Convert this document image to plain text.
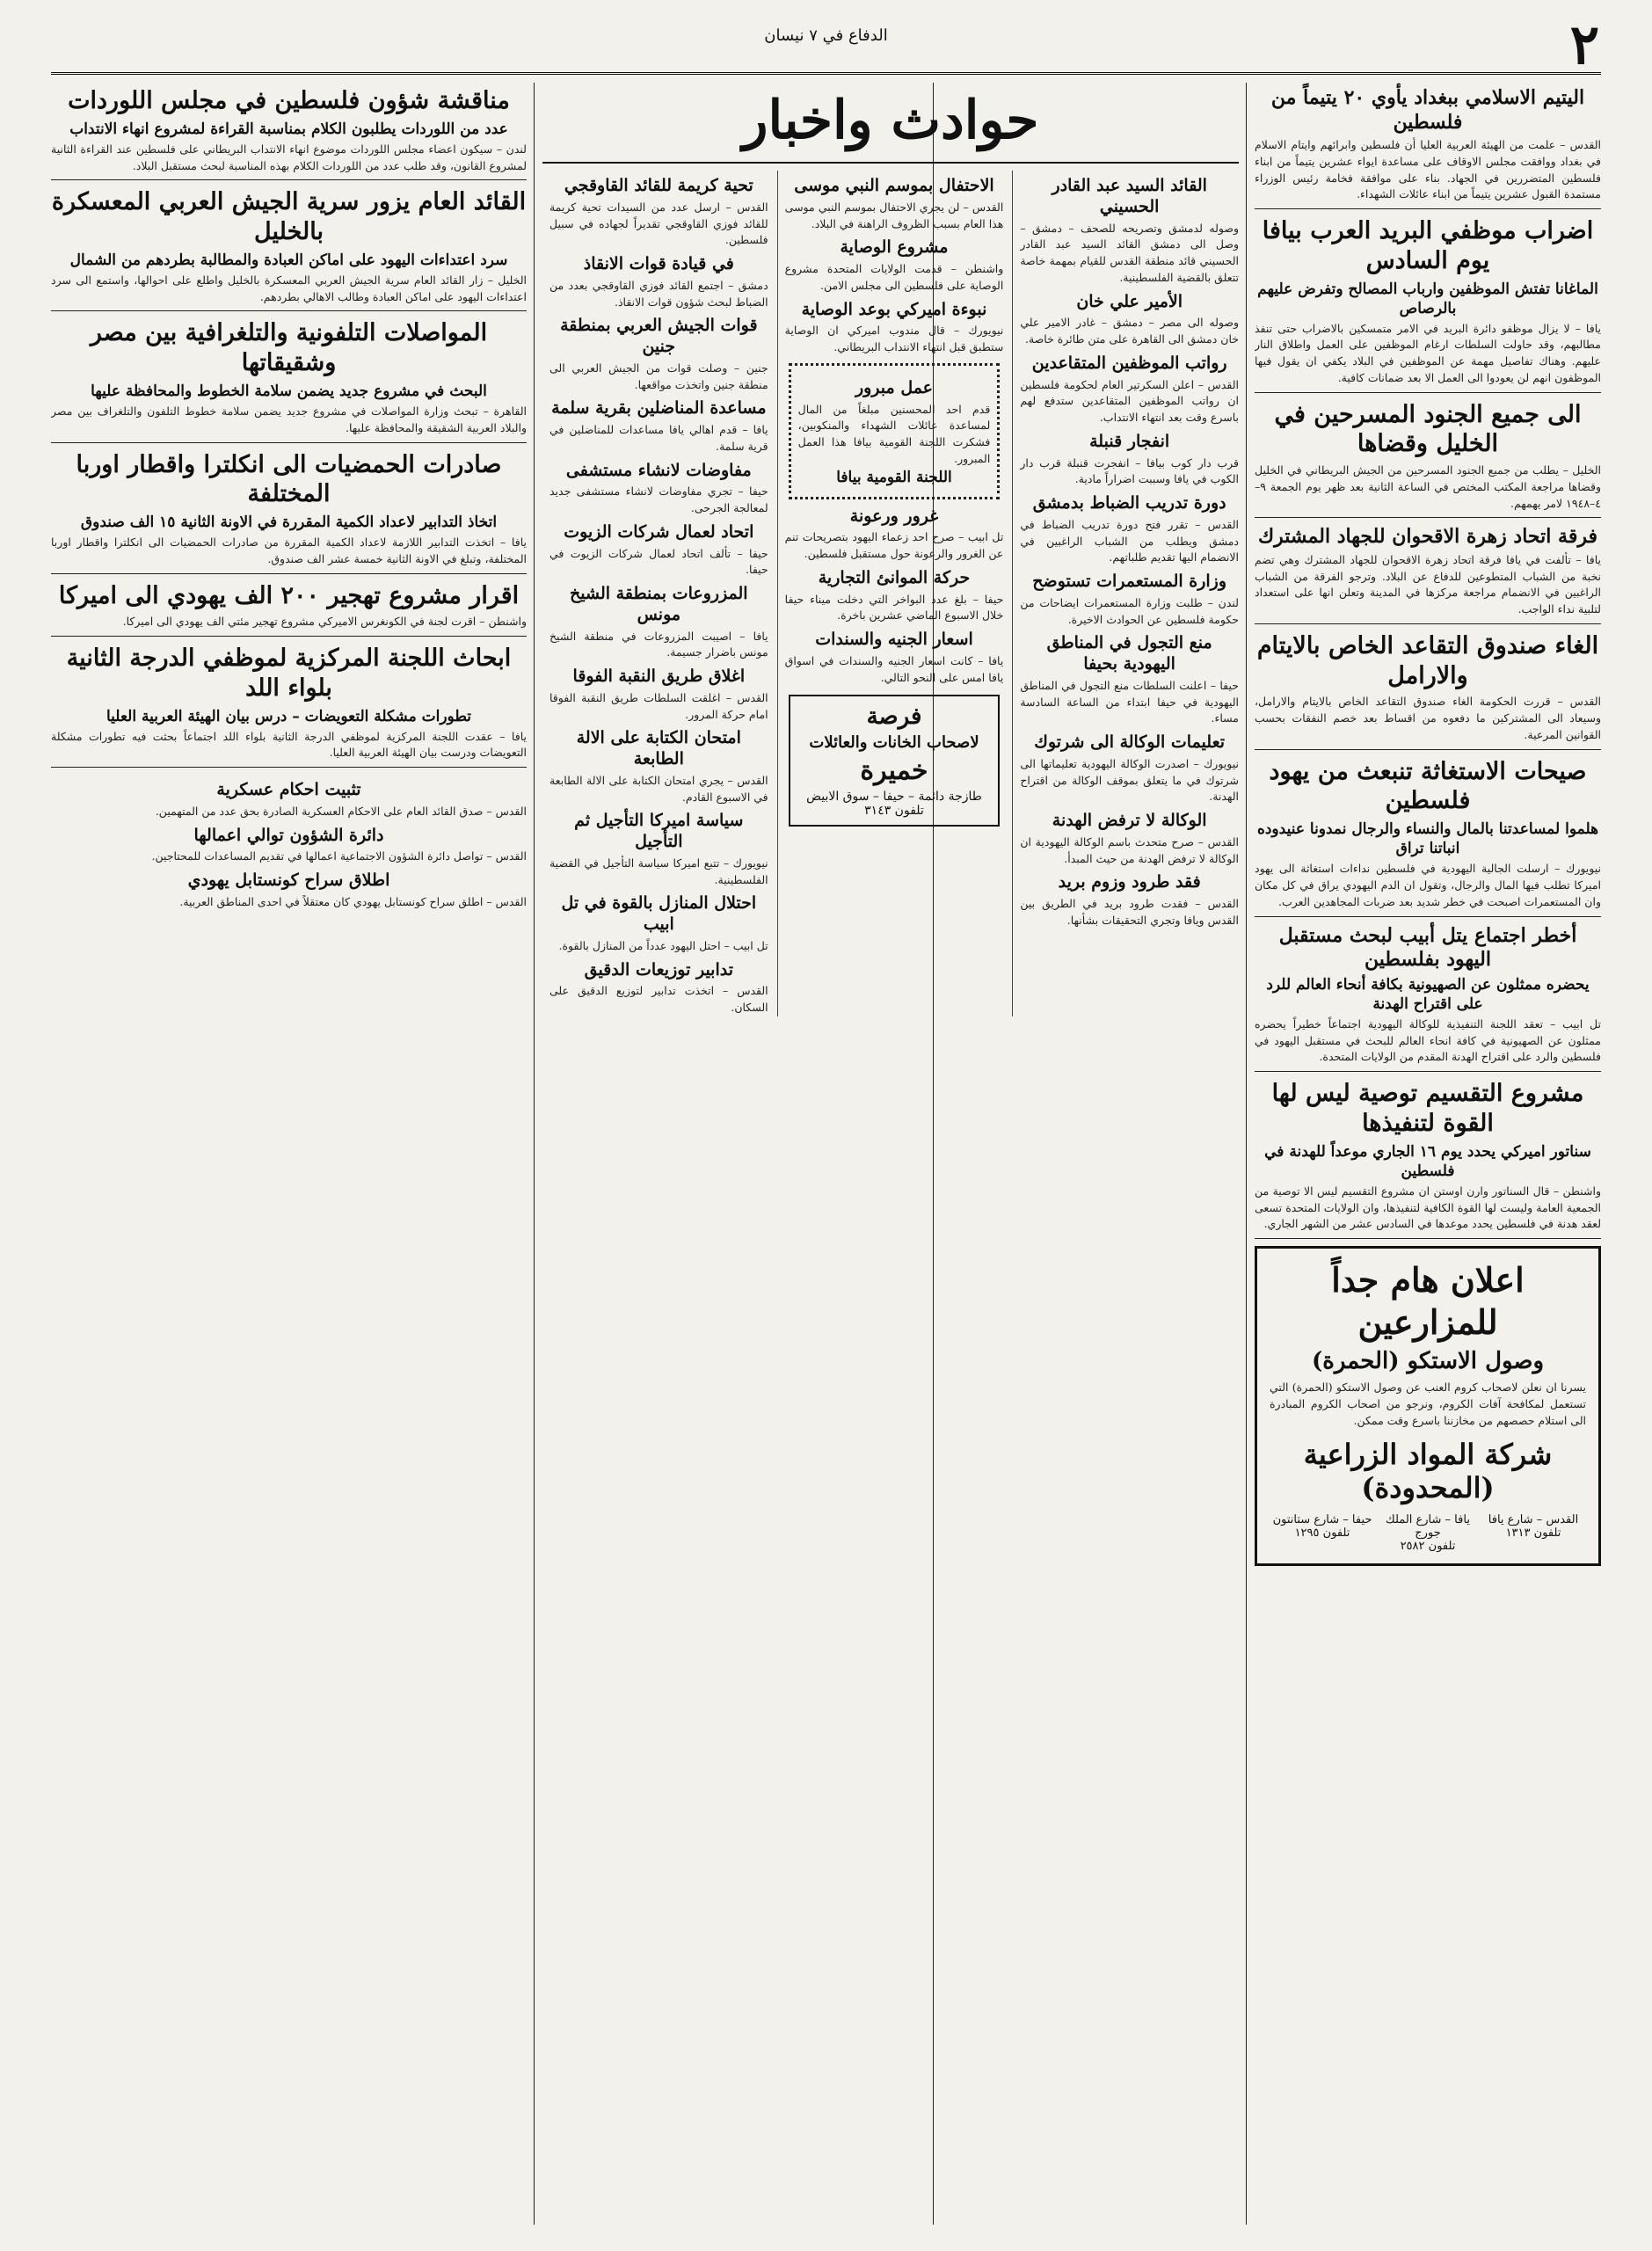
٢
الدفاع في ٧ نيسان
اليتيم الاسلامي ببغداد يأوي ٢٠ يتيماً من فلسطين

القدس – علمت من الهيئة العربية العليا أن فلسطين وابرائهم وايتام الاسلام في بغداد ووافقت مجلس الاوقاف على مساعدة ايواء عشرين يتيماً من ابناء فلسطين المتضررين في الجهاد. بناء على موافقة فخامة رئيس الوزراء مستمدة القبول عشرين يتيماً من ابناء عائلات الشهداء.

اضراب موظفي البريد العرب بيافا يوم السادس
الماغانا تفتش الموظفين وارباب المصالح وتفرض عليهم بالرصاص

يافا – لا يزال موظفو دائرة البريد في الامر متمسكين بالاضراب حتى تنفذ مطالبهم، وقد حاولت السلطات ارغام الموظفين على العمل واطلاق النار عليهم. وهناك تفاصيل مهمة عن الموظفين في البلاد يكفي ان يقول فيها الموظفون انهم لن يعودوا الى العمل الا بعد ضمانات كافية.

الى جميع الجنود المسرحين في الخليل وقضاها

الخليل – يطلب من جميع الجنود المسرحين من الجيش البريطاني في الخليل وقضاها مراجعة المكتب المختص في الساعة الثانية بعد ظهر يوم الجمعة ٩–٤–١٩٤٨ لامر يهمهم.

فرقة اتحاد زهرة الاقحوان للجهاد المشترك

يافا – تألفت في يافا فرقة اتحاد زهرة الاقحوان للجهاد المشترك وهي تضم نخبة من الشباب المتطوعين للدفاع عن البلاد. وترجو الفرقة من الشباب الراغبين في الانضمام مراجعة مركزها في المدينة وتعلن انها على استعداد لتلبية نداء الواجب.

الغاء صندوق التقاعد الخاص بالايتام والارامل

القدس – قررت الحكومة الغاء صندوق التقاعد الخاص بالايتام والارامل، وسيعاد الى المشتركين ما دفعوه من اقساط بعد خصم النفقات بحسب القوانين المرعية.

صيحات الاستغاثة تنبعث من يهود فلسطين
هلموا لمساعدتنا بالمال والنساء والرجال نمدونا عنيدوده انباتنا تراق

نيويورك – ارسلت الجالية اليهودية في فلسطين نداءات استغاثة الى يهود اميركا تطلب فيها المال والرجال، وتقول ان الدم اليهودي يراق في كل مكان وان المستعمرات اصبحت في خطر شديد بعد ضربات المجاهدين العرب.

أخطر اجتماع يتل أبيب لبحث مستقبل اليهود بفلسطين
يحضره ممثلون عن الصهيونية بكافة أنحاء العالم للرد على اقتراح الهدنة

تل ابيب – تعقد اللجنة التنفيذية للوكالة اليهودية اجتماعاً خطيراً يحضره ممثلون عن الصهيونية في كافة انحاء العالم للبحث في مستقبل اليهود في فلسطين والرد على اقتراح الهدنة المقدم من الولايات المتحدة.

مشروع التقسيم توصية ليس لها القوة لتنفيذها
سناتور اميركي يحدد يوم ١٦ الجاري موعداً للهدنة في فلسطين

واشنطن – قال السناتور وارن اوستن ان مشروع التقسيم ليس الا توصية من الجمعية العامة وليست لها القوة الكافية لتنفيذها، وان الولايات المتحدة تسعى لعقد هدنة في فلسطين يحدد موعدها في السادس عشر من الشهر الجاري.

اعلان هام جداً للمزارعين
وصول الاستكو (الحمرة)

يسرنا ان نعلن لاصحاب كروم العنب عن وصول الاستكو (الحمرة) التي تستعمل لمكافحة آفات الكروم، ونرجو من اصحاب الكروم المبادرة الى استلام حصصهم من مخازننا باسرع وقت ممكن.

شركة المواد الزراعية (المحدودة)
القدس – شارع يافا
تلفون ١٣١٣
يافا – شارع الملك جورج
تلفون ٢٥٨٢
حيفا – شارع ستانتون
تلفون ١٢٩٥
حوادث واخبار
القائد السيد عبد القادر الحسيني

وصوله لدمشق وتصريحه للصحف – دمشق – وصل الى دمشق القائد السيد عبد القادر الحسيني قائد منطقة القدس للقيام بمهمة خاصة تتعلق بالقضية الفلسطينية.

الأمير علي خان

وصوله الى مصر – دمشق – غادر الامير علي خان دمشق الى القاهرة على متن طائرة خاصة.

رواتب الموظفين المتقاعدين

القدس – اعلن السكرتير العام لحكومة فلسطين ان رواتب الموظفين المتقاعدين ستدفع لهم باسرع وقت بعد انتهاء الانتداب.

انفجار قنبلة

قرب دار كوب بيافا – انفجرت قنبلة قرب دار الكوب في يافا وسببت اضراراً مادية.

دورة تدريب الضباط بدمشق

القدس – تقرر فتح دورة تدريب الضباط في دمشق ويطلب من الشباب الراغبين في الانضمام اليها تقديم طلباتهم.

وزارة المستعمرات تستوضح

لندن – طلبت وزارة المستعمرات ايضاحات من حكومة فلسطين عن الحوادث الاخيرة.

منع التجول في المناطق اليهودية بحيفا

حيفا – اعلنت السلطات منع التجول في المناطق اليهودية في حيفا ابتداء من الساعة السادسة مساء.

تعليمات الوكالة الى شرتوك

نيويورك – اصدرت الوكالة اليهودية تعليماتها الى شرتوك في ما يتعلق بموقف الوكالة من اقتراح الهدنة.

الوكالة لا ترفض الهدنة

القدس – صرح متحدث باسم الوكالة اليهودية ان الوكالة لا ترفض الهدنة من حيث المبدأ.

فقد طرود وزوم بريد

القدس – فقدت طرود بريد في الطريق بين القدس ويافا وتجري التحقيقات بشأنها.

الاحتفال بموسم النبي موسى

القدس – لن يجري الاحتفال بموسم النبي موسى هذا العام بسبب الظروف الراهنة في البلاد.

مشروع الوصاية

واشنطن – قدمت الولايات المتحدة مشروع الوصاية على فلسطين الى مجلس الامن.

نبوءة اميركي بوعد الوصاية

نيويورك – قال مندوب اميركي ان الوصاية ستطبق قبل انتهاء الانتداب البريطاني.

عمل مبرور

قدم احد المحسنين مبلغاً من المال لمساعدة عائلات الشهداء والمنكوبين، فشكرت اللجنة القومية بيافا هذا العمل المبرور.

اللجنة القومية بيافا
غرور ورعونة

تل ابيب – صرح احد زعماء اليهود بتصريحات تنم عن الغرور والرعونة حول مستقبل فلسطين.

حركة الموانئ التجارية

حيفا – بلغ عدد البواخر التي دخلت ميناء حيفا خلال الاسبوع الماضي عشرين باخرة.

اسعار الجنيه والسندات

يافا – كانت اسعار الجنيه والسندات في اسواق يافا امس على النحو التالي.

فرصة
لاصحاب الخانات والعائلات
خميرة
طازجة دائمة – حيفا – سوق الابيض تلفون ٣١٤٣
تحية كريمة للقائد القاوقجي

القدس – ارسل عدد من السيدات تحية كريمة للقائد فوزي القاوقجي تقديراً لجهاده في سبيل فلسطين.

في قيادة قوات الانقاذ

دمشق – اجتمع القائد فوزي القاوقجي بعدد من الضباط لبحث شؤون قوات الانقاذ.

قوات الجيش العربي بمنطقة جنين

جنين – وصلت قوات من الجيش العربي الى منطقة جنين واتخذت مواقعها.

مساعدة المناضلين بقرية سلمة

يافا – قدم اهالي يافا مساعدات للمناضلين في قرية سلمة.

مفاوضات لانشاء مستشفى

حيفا – تجري مفاوضات لانشاء مستشفى جديد لمعالجة الجرحى.

اتحاد لعمال شركات الزيوت

حيفا – تألف اتحاد لعمال شركات الزيوت في حيفا.

المزروعات بمنطقة الشيخ مونس

يافا – اصيبت المزروعات في منطقة الشيخ مونس باضرار جسيمة.

اغلاق طريق النقبة الفوقا

القدس – اغلقت السلطات طريق النقبة الفوقا امام حركة المرور.

امتحان الكتابة على الالة الطابعة

القدس – يجري امتحان الكتابة على الالة الطابعة في الاسبوع القادم.

سياسة اميركا التأجيل ثم التأجيل

نيويورك – تتبع اميركا سياسة التأجيل في القضية الفلسطينية.

احتلال المنازل بالقوة في تل ابيب

تل ابيب – احتل اليهود عدداً من المنازل بالقوة.

تدابير توزيعات الدقيق

القدس – اتخذت تدابير لتوزيع الدقيق على السكان.

مناقشة شؤون فلسطين في مجلس اللوردات
عدد من اللوردات يطلبون الكلام بمناسبة القراءة لمشروع انهاء الانتداب

لندن – سيكون اعضاء مجلس اللوردات موضوع انهاء الانتداب البريطاني على فلسطين عند القراءة الثانية لمشروع القانون، وقد طلب عدد من اللوردات الكلام بهذه المناسبة لبحث مستقبل البلاد.

القائد العام يزور سرية الجيش العربي المعسكرة بالخليل
سرد اعتداءات اليهود على اماكن العبادة والمطالبة بطردهم من الشمال

الخليل – زار القائد العام سرية الجيش العربي المعسكرة بالخليل واطلع على احوالها، واستمع الى سرد اعتداءات اليهود على اماكن العبادة وطالب الاهالي بطردهم.

المواصلات التلفونية والتلغرافية بين مصر وشقيقاتها
البحث في مشروع جديد يضمن سلامة الخطوط والمحافظة عليها

القاهرة – تبحث وزارة المواصلات في مشروع جديد يضمن سلامة خطوط التلفون والتلغراف بين مصر والبلاد العربية الشقيقة والمحافظة عليها.

صادرات الحمضيات الى انكلترا واقطار اوربا المختلفة
اتخاذ التدابير لاعداد الكمية المقررة في الاونة الثانية ١٥ الف صندوق

يافا – اتخذت التدابير اللازمة لاعداد الكمية المقررة من صادرات الحمضيات الى انكلترا واقطار اوربا المختلفة، وتبلغ في الاونة الثانية خمسة عشر الف صندوق.

اقرار مشروع تهجير ٢٠٠ الف يهودي الى اميركا

واشنطن – اقرت لجنة في الكونغرس الاميركي مشروع تهجير مئتي الف يهودي الى اميركا.

ابحاث اللجنة المركزية لموظفي الدرجة الثانية بلواء اللد
تطورات مشكلة التعويضات – درس بيان الهيئة العربية العليا

يافا – عقدت اللجنة المركزية لموظفي الدرجة الثانية بلواء اللد اجتماعاً بحثت فيه تطورات مشكلة التعويضات ودرست بيان الهيئة العربية العليا.

تثبيت احكام عسكرية

القدس – صدق القائد العام على الاحكام العسكرية الصادرة بحق عدد من المتهمين.

دائرة الشؤون توالي اعمالها

القدس – تواصل دائرة الشؤون الاجتماعية اعمالها في تقديم المساعدات للمحتاجين.

اطلاق سراح كونستابل يهودي

القدس – اطلق سراح كونستابل يهودي كان معتقلاً في احدى المناطق العربية.
